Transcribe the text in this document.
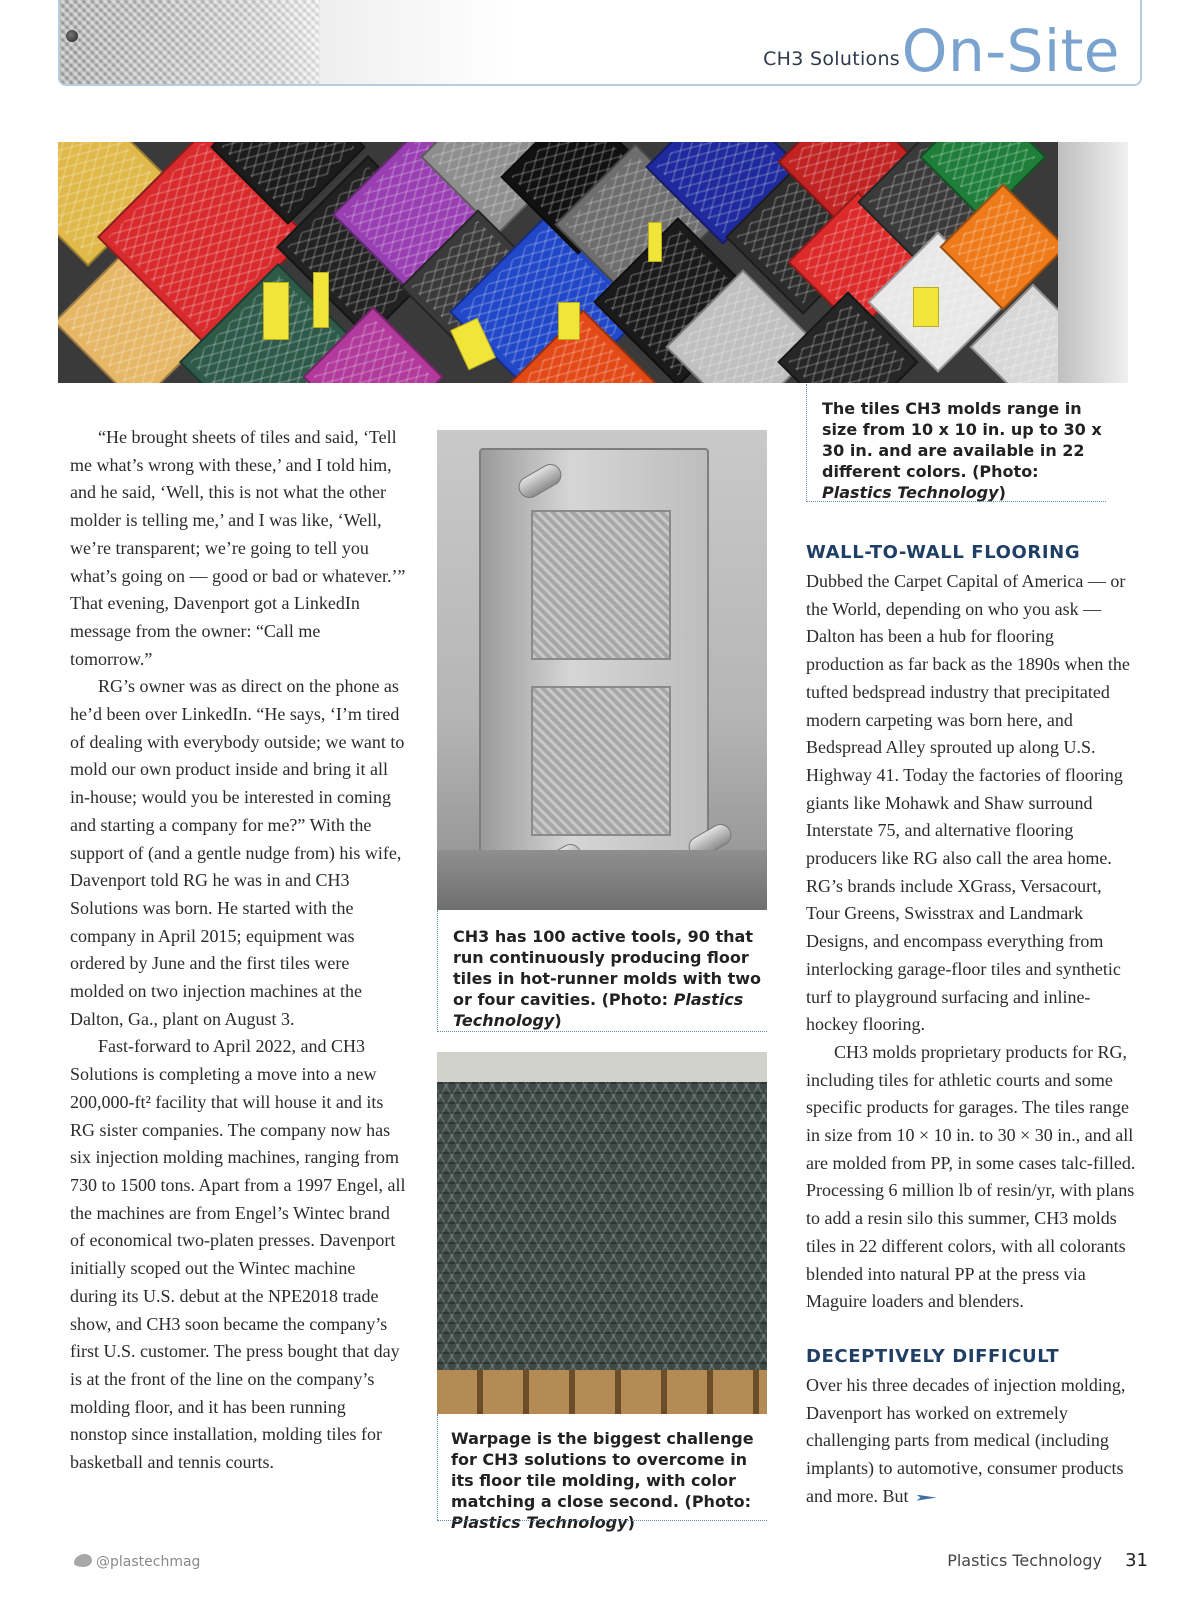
CH3 Solutions On-Site
The tiles CH3 molds range in size from 10 x 10 in. up to 30 x 30 in. and are available in 22 different colors. (Photo: Plastics Technology)

“He brought sheets of tiles and said, ‘Tell me what’s wrong with these,’ and I told him, and he said, ‘Well, this is not what the other molder is telling me,’ and I was like, ‘Well, we’re transparent; we’re going to tell you what’s going on — good or bad or whatever.’” That evening, Davenport got a LinkedIn message from the owner: “Call me tomorrow.”

RG’s owner was as direct on the phone as he’d been over LinkedIn. “He says, ‘I’m tired of dealing with everybody outside; we want to mold our own product inside and bring it all in-house; would you be interested in coming and starting a company for me?” With the support of (and a gentle nudge from) his wife, Davenport told RG he was in and CH3 Solutions was born. He started with the company in April 2015; equipment was ordered by June and the first tiles were molded on two injection machines at the Dalton, Ga., plant on August 3.

Fast-forward to April 2022, and CH3 Solutions is completing a move into a new 200,000-ft² facility that will house it and its RG sister companies. The company now has six injection molding machines, ranging from 730 to 1500 tons. Apart from a 1997 Engel, all the machines are from Engel’s Wintec brand of economical two-platen presses. Davenport initially scoped out the Wintec machine during its U.S. debut at the NPE2018 trade show, and CH3 soon became the company’s first U.S. customer. The press bought that day is at the front of the line on the company’s molding floor, and it has been running nonstop since installation, molding tiles for basketball and tennis courts.

CH3 has 100 active tools, 90 that run continuously producing floor tiles in hot-runner molds with two or four cavities. (Photo: Plastics Technology)
Warpage is the biggest challenge for CH3 solutions to overcome in its floor tile molding, with color matching a close second. (Photo: Plastics Technology)
WALL-TO-WALL FLOORING

Dubbed the Carpet Capital of America — or the World, depending on who you ask — Dalton has been a hub for flooring production as far back as the 1890s when the tufted bedspread industry that precipitated modern carpeting was born here, and Bedspread Alley sprouted up along U.S. Highway 41. Today the factories of flooring giants like Mohawk and Shaw surround Interstate 75, and alternative flooring producers like RG also call the area home. RG’s brands include XGrass, Versacourt, Tour Greens, Swisstrax and Landmark Designs, and encompass everything from interlocking garage-floor tiles and synthetic turf to playground surfacing and inline-hockey flooring.

CH3 molds proprietary products for RG, including tiles for athletic courts and some specific products for garages. The tiles range in size from 10 × 10 in. to 30 × 30 in., and all are molded from PP, in some cases talc-filled. Processing 6 million lb of resin/yr, with plans to add a resin silo this summer, CH3 molds tiles in 22 different colors, with all colorants blended into natural PP at the press via Maguire loaders and blenders.

DECEPTIVELY DIFFICULT

Over his three decades of injection molding, Davenport has worked on extremely challenging parts from medical (including implants) to automotive, consumer products and more. But

@plastechmag	Plastics Technology 31
